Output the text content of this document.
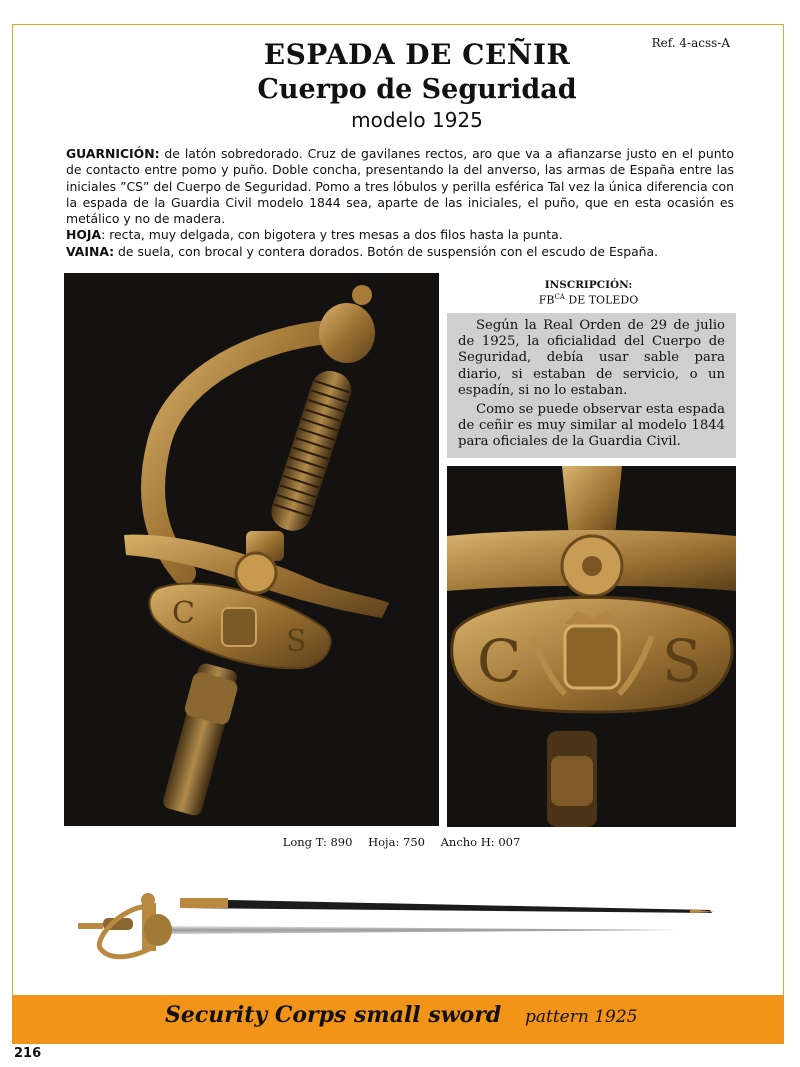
Ref. 4-acss-A
ESPADA DE CEÑIR
Cuerpo de Seguridad
modelo 1925

GUARNICIÓN: de latón sobredorado. Cruz de gavilanes rectos, aro que va a afianzarse justo en el punto de contacto entre pomo y puño. Doble concha, presentando la del anverso, las armas de España entre las iniciales ”CS” del Cuerpo de Seguridad. Pomo a tres lóbulos y perilla esférica Tal vez la única diferencia con la espada de la Guardia Civil modelo 1844 sea, aparte de las iniciales, el puño, que en esta ocasión es metálico y no de madera.

HOJA: recta, muy delgada, con bigotera y tres mesas a dos filos hasta la punta.

VAINA: de suela, con brocal y contera dorados. Botón de suspensión con el escudo de España.

C
S
INSCRIPCIÓN:
$FB^{CA}$ DE TOLEDO

Según la Real Orden de 29 de julio de 1925, la oficialidad del Cuerpo de Seguridad, debía usar sable para diario, si estaban de servicio, o un espadín, si no lo estaban.

Como se puede observar esta espada de ceñir es muy similar al modelo 1844 para oficiales de la Guardia Civil.

C S
Long T: 890 Hoja: 750 Ancho H: 007
Security Corps small sword pattern 1925
216
